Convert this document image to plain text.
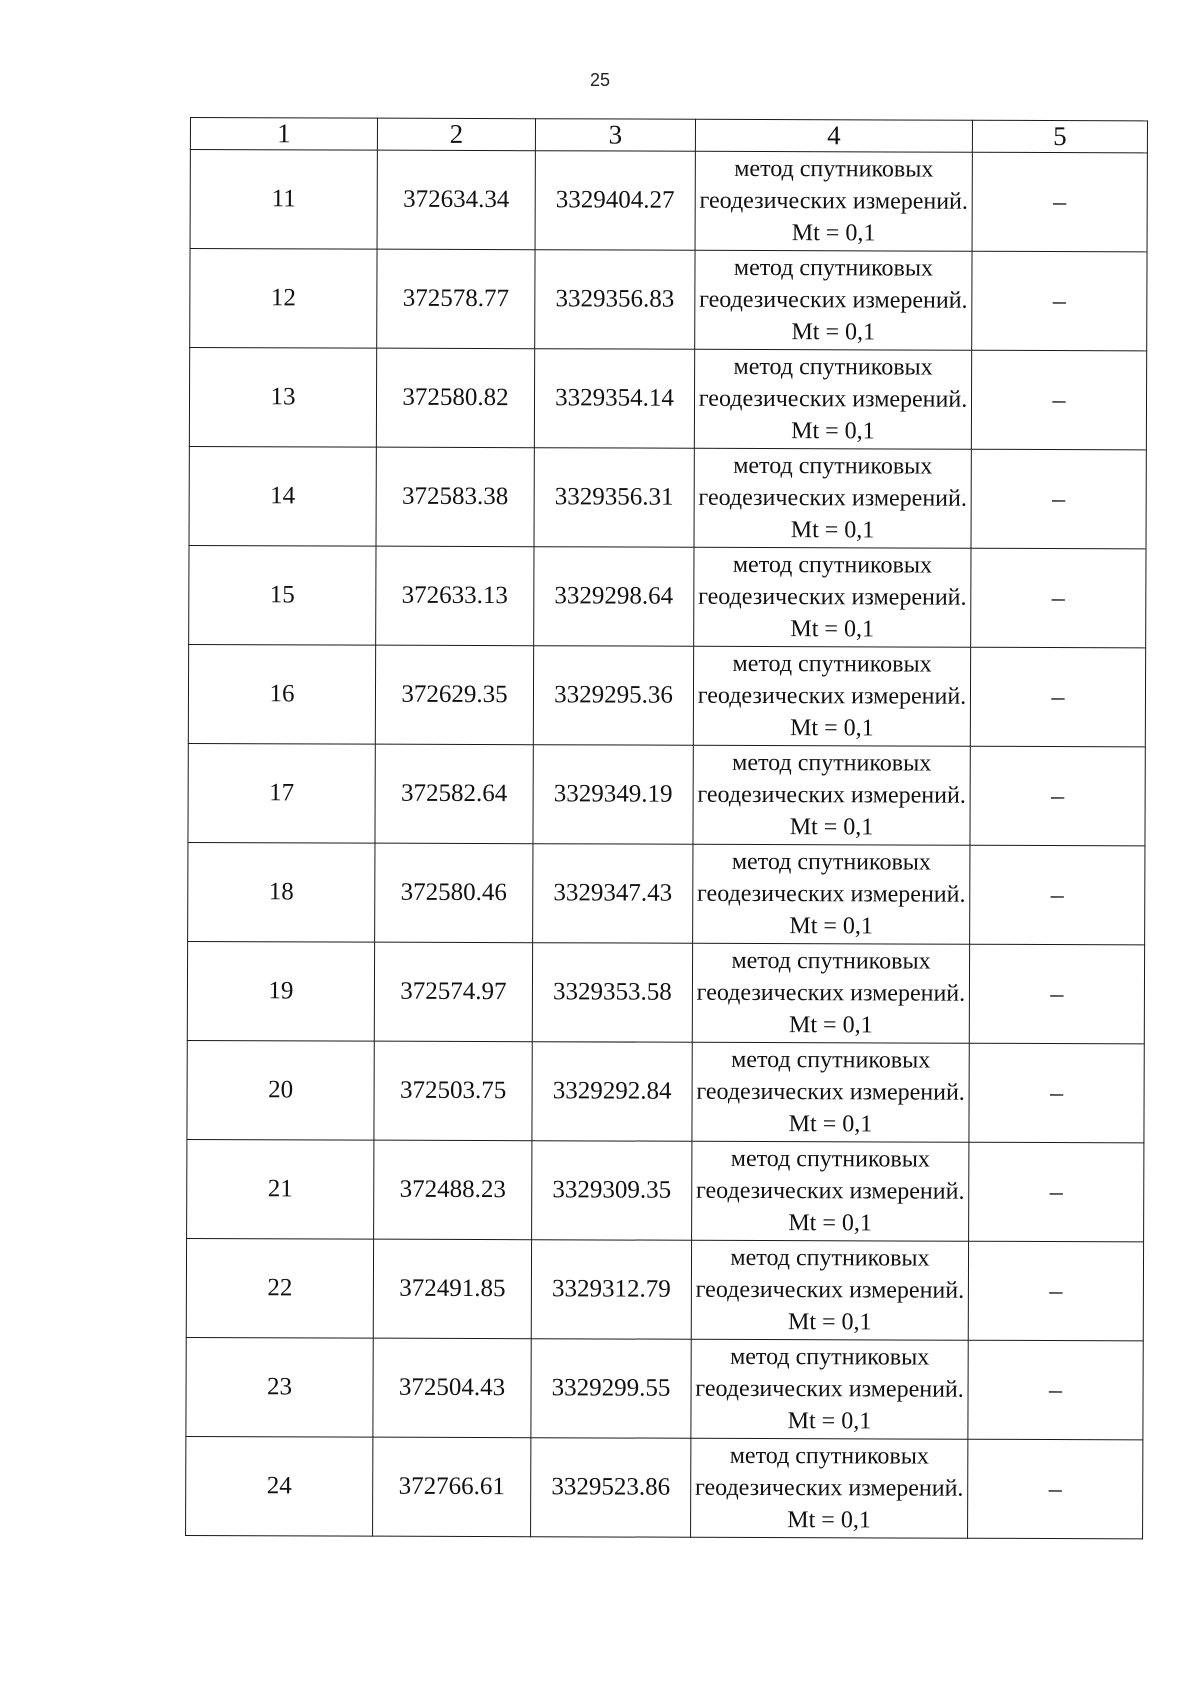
25
1	2	3	4	5
11	372634.34	3329404.27	метод спутниковых геодезических измерений. Mt = 0,1	–
12	372578.77	3329356.83	метод спутниковых геодезических измерений. Mt = 0,1	–
13	372580.82	3329354.14	метод спутниковых геодезических измерений. Mt = 0,1	–
14	372583.38	3329356.31	метод спутниковых геодезических измерений. Mt = 0,1	–
15	372633.13	3329298.64	метод спутниковых геодезических измерений. Mt = 0,1	–
16	372629.35	3329295.36	метод спутниковых геодезических измерений. Mt = 0,1	–
17	372582.64	3329349.19	метод спутниковых геодезических измерений. Mt = 0,1	–
18	372580.46	3329347.43	метод спутниковых геодезических измерений. Mt = 0,1	–
19	372574.97	3329353.58	метод спутниковых геодезических измерений. Mt = 0,1	–
20	372503.75	3329292.84	метод спутниковых геодезических измерений. Mt = 0,1	–
21	372488.23	3329309.35	метод спутниковых геодезических измерений. Mt = 0,1	–
22	372491.85	3329312.79	метод спутниковых геодезических измерений. Mt = 0,1	–
23	372504.43	3329299.55	метод спутниковых геодезических измерений. Mt = 0,1	–
24	372766.61	3329523.86	метод спутниковых геодезических измерений. Mt = 0,1	–
